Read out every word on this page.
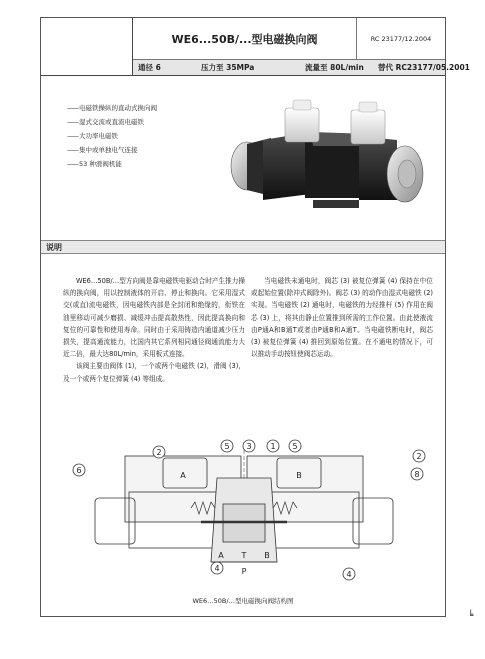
WE6...50B/...型电磁换向阀	RC 23177/12.2004
通径 6	压力至 35MPa	流量至 80L/min 替代 RC23177/05.2001
—— 电磁铁操纵的直动式换向阀
—— 湿式交流或直流电磁铁
—— 大功率电磁铁
—— 集中或单独电气连接
—— 53 种滑阀机能
说明

WE6…50B/…型方向阀是靠电磁铁电驱动合时产生推力操纵的换向阀，用以控制液体的开启、停止和换向。它采用湿式交(或直)流电磁铁，因电磁铁内部是全封闭和绝缘的，衔铁在油里移动可减少磨损、减缓冲击提高散热性，因此提高换向和复位的可靠性和使用寿命。同时由于采用铸造内通道减少压力损失，提高通流能力，比国内其它系列相同通径阀通流能力大近二倍，最大达80L/min，采用板式连接。

该阀主要由阀体 (1)，一个或两个电磁铁 (2)，滑阀 (3)，及一个或两个复位弹簧 (4) 等组成。

当电磁铁未通电时，阀芯 (3) 被复位弹簧 (4) 保持在中位或起始位置(除冲式阀除外)。阀芯 (3) 的动作由湿式电磁铁 (2) 实现。当电磁铁 (2) 通电时，电磁铁的力经推杆 (5) 作用在阀芯 (3) 上，将其由静止位置推到所需的工作位置。由此使液流由P通A和B通T或者由P通B和A通T。当电磁铁断电时，阀芯 (3) 被复位弹簧 (4) 推回到原始位置。在不通电的情况下，可以推动手动按钮使阀芯运动。

1
2	2
3
4
4
5	5
6	8
A	B
A T B
P
WE6…50B/…型电磁换向阀结构图
╘
